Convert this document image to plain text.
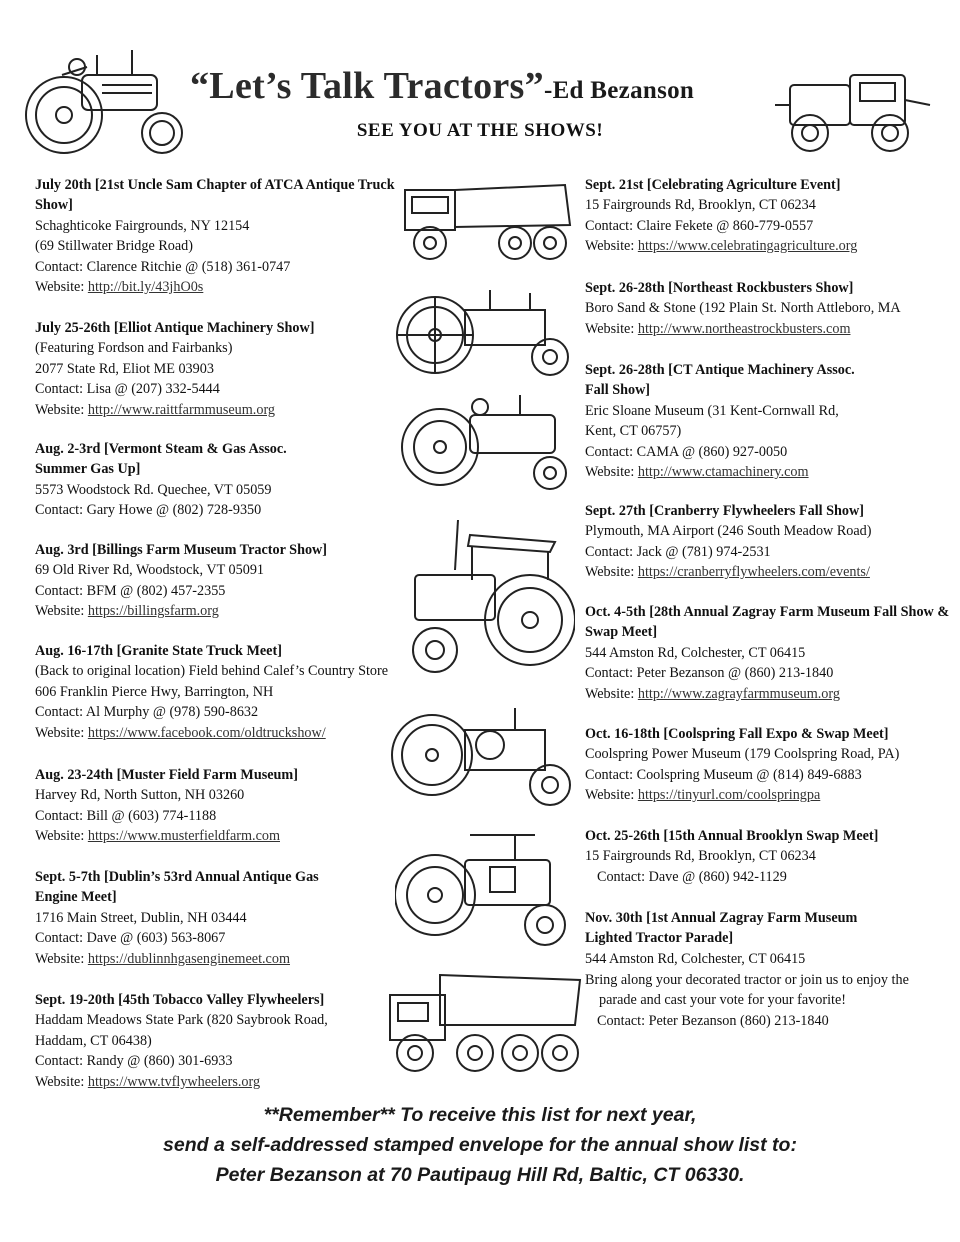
“Let’s Talk Tractors”-Ed Bezanson
SEE YOU AT THE SHOWS!
July 20th [21st Uncle Sam Chapter of ATCA Antique Truck Show]
Schaghticoke Fairgrounds, NY 12154
(69 Stillwater Bridge Road)
Contact: Clarence Ritchie @ (518) 361-0747
Website: http://bit.ly/43jhO0s
July 25-26th [Elliot Antique Machinery Show]
(Featuring Fordson and Fairbanks)
2077 State Rd, Eliot ME 03903
Contact: Lisa @ (207) 332-5444
Website: http://www.raittfarmmuseum.org
Aug. 2-3rd [Vermont Steam & Gas Assoc. Summer Gas Up]
5573 Woodstock Rd. Quechee, VT 05059
Contact: Gary Howe @ (802) 728-9350
Aug. 3rd [Billings Farm Museum Tractor Show]
69 Old River Rd, Woodstock, VT 05091
Contact: BFM @ (802) 457-2355
Website: https://billingsfarm.org
Aug. 16-17th [Granite State Truck Meet]
(Back to original location) Field behind Calef’s Country Store 606 Franklin Pierce Hwy, Barrington, NH
Contact: Al Murphy @ (978) 590-8632
Website: https://www.facebook.com/oldtruckshow/
Aug. 23-24th [Muster Field Farm Museum]
Harvey Rd, North Sutton, NH 03260
Contact: Bill @ (603) 774-1188
Website: https://www.musterfieldfarm.com
Sept. 5-7th [Dublin’s 53rd Annual Antique Gas Engine Meet]
1716 Main Street, Dublin, NH 03444
Contact: Dave @ (603) 563-8067
Website: https://dublinnhgasenginemeet.com
Sept. 19-20th [45th Tobacco Valley Flywheelers]
Haddam Meadows State Park (820 Saybrook Road, Haddam, CT 06438)
Contact: Randy @ (860) 301-6933
Website: https://www.tvflywheelers.org
Sept. 21st [Celebrating Agriculture Event]
15 Fairgrounds Rd, Brooklyn, CT 06234
Contact: Claire Fekete @ 860-779-0557
Website: https://www.celebratingagriculture.org
Sept. 26-28th [Northeast Rockbusters Show]
Boro Sand & Stone (192 Plain St. North Attleboro, MA
Website: http://www.northeastrockbusters.com
Sept. 26-28th [CT Antique Machinery Assoc. Fall Show]
Eric Sloane Museum (31 Kent-Cornwall Rd, Kent, CT 06757)
Contact: CAMA @ (860) 927-0050
Website: http://www.ctamachinery.com
Sept. 27th [Cranberry Flywheelers Fall Show]
Plymouth, MA Airport (246 South Meadow Road)
Contact: Jack @ (781) 974-2531
Website: https://cranberryflywheelers.com/events/
Oct. 4-5th [28th Annual Zagray Farm Museum Fall Show & Swap Meet]
544 Amston Rd, Colchester, CT 06415
Contact: Peter Bezanson @ (860) 213-1840
Website: http://www.zagrayfarmmuseum.org
Oct. 16-18th [Coolspring Fall Expo & Swap Meet]
Coolspring Power Museum (179 Coolspring Road, PA)
Contact: Coolspring Museum @ (814) 849-6883
Website: https://tinyurl.com/coolspringpa
Oct. 25-26th [15th Annual Brooklyn Swap Meet]
15 Fairgrounds Rd, Brooklyn, CT 06234
Contact: Dave @ (860) 942-1129
Nov. 30th [1st Annual Zagray Farm Museum Lighted Tractor Parade]
544 Amston Rd, Colchester, CT 06415
Bring along your decorated tractor or join us to enjoy the parade and cast your vote for your favorite!
Contact: Peter Bezanson (860) 213-1840
**Remember** To receive this list for next year,
send a self-addressed stamped envelope for the annual show list to:
Peter Bezanson at 70 Pautipaug Hill Rd, Baltic, CT 06330.
